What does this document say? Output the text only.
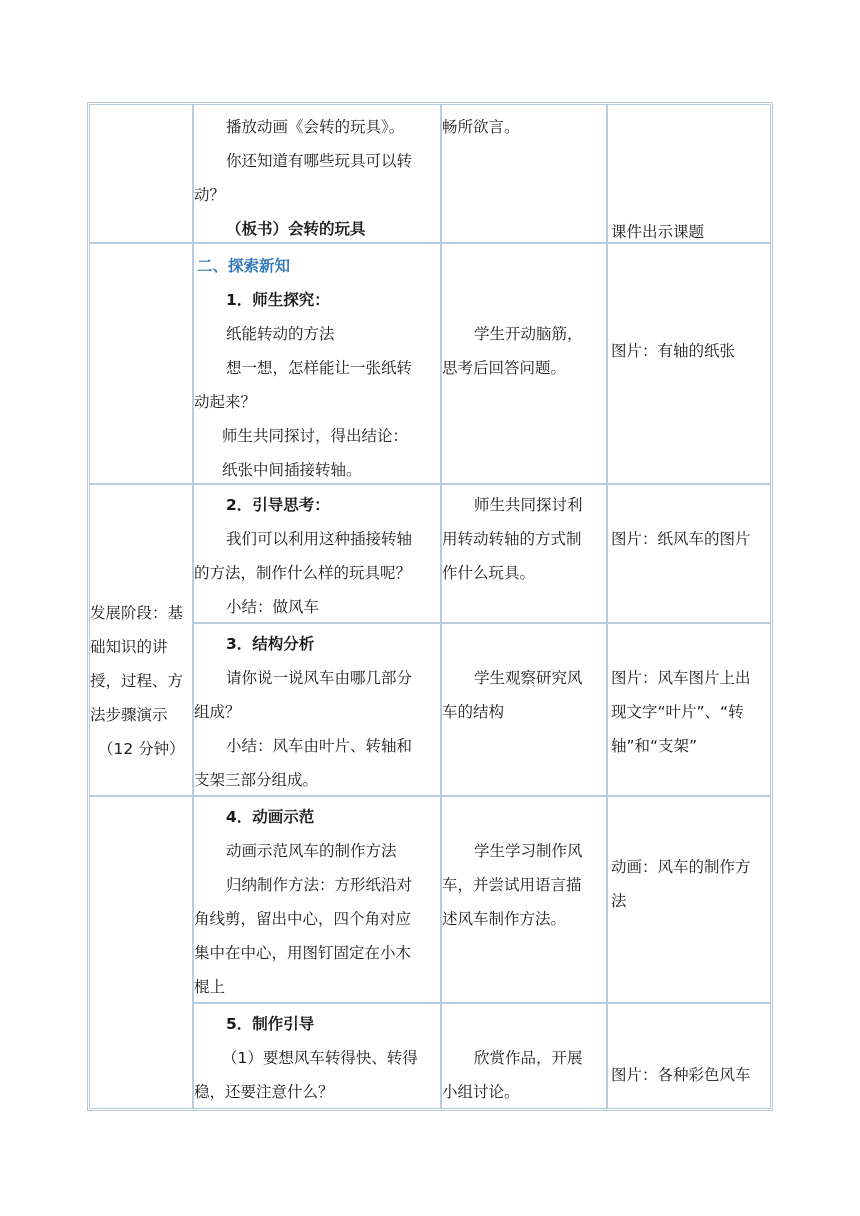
播放动画《会转的玩具》。

你还知道有哪些玩具可以转

动？

（板书）会转的玩具

畅所欲言。

课件出示课题

发展阶段：基

础知识的讲

授，过程、方

法步骤演示

（12 分钟）

二、探索新知

1．师生探究：

纸能转动的方法

想一想，怎样能让一张纸转

动起来？

师生共同探讨，得出结论：

纸张中间插接转轴。

学生开动脑筋，

思考后回答问题。

图片：有轴的纸张

2．引导思考：

我们可以利用这种插接转轴

的方法，制作什么样的玩具呢？

小结：做风车

师生共同探讨利

用转动转轴的方式制

作什么玩具。

图片：纸风车的图片

3．结构分析

请你说一说风车由哪几部分

组成？

小结：风车由叶片、转轴和

支架三部分组成。

学生观察研究风

车的结构

图片：风车图片上出

现文字“叶片”、“转

轴”和“支架”

4．动画示范

动画示范风车的制作方法

归纳制作方法：方形纸沿对

角线剪，留出中心，四个角对应

集中在中心，用图钉固定在小木

棍上

学生学习制作风

车，并尝试用语言描

述风车制作方法。

动画：风车的制作方

法

5．制作引导

（1）要想风车转得快、转得

稳，还要注意什么？

欣赏作品，开展

小组讨论。

图片：各种彩色风车
